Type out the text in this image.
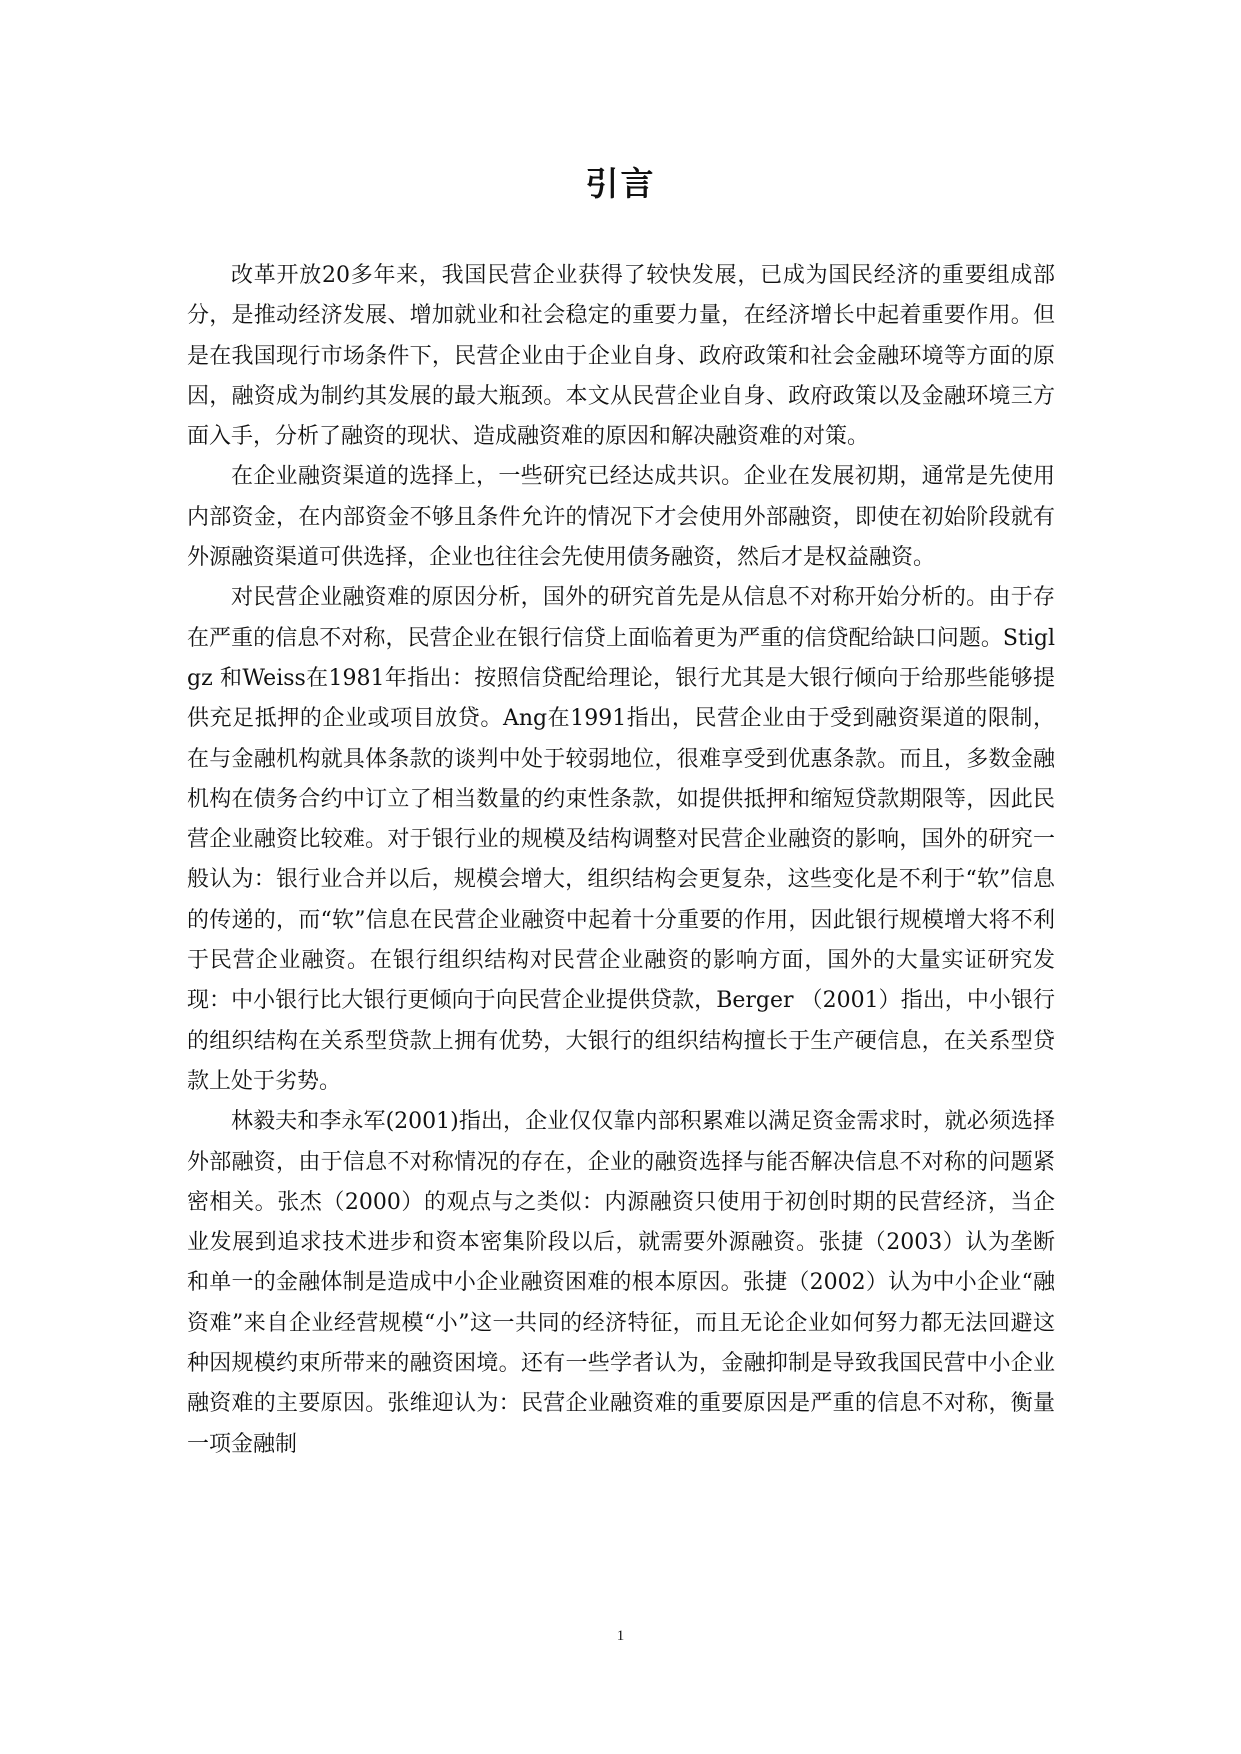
引言

改革开放20多年来，我国民营企业获得了较快发展，已成为国民经济的重要组成部分，是推动经济发展、增加就业和社会稳定的重要力量，在经济增长中起着重要作用。但是在我国现行市场条件下，民营企业由于企业自身、政府政策和社会金融环境等方面的原因，融资成为制约其发展的最大瓶颈。本文从民营企业自身、政府政策以及金融环境三方面入手，分析了融资的现状、造成融资难的原因和解决融资难的对策。

在企业融资渠道的选择上，一些研究已经达成共识。企业在发展初期，通常是先使用内部资金，在内部资金不够且条件允许的情况下才会使用外部融资，即使在初始阶段就有外源融资渠道可供选择，企业也往往会先使用债务融资，然后才是权益融资。

对民营企业融资难的原因分析，国外的研究首先是从信息不对称开始分析的。由于存在严重的信息不对称，民营企业在银行信贷上面临着更为严重的信贷配给缺口问题。Stiglgz 和Weiss在1981年指出：按照信贷配给理论，银行尤其是大银行倾向于给那些能够提供充足抵押的企业或项目放贷。Ang在1991指出，民营企业由于受到融资渠道的限制，在与金融机构就具体条款的谈判中处于较弱地位，很难享受到优惠条款。而且，多数金融机构在债务合约中订立了相当数量的约束性条款，如提供抵押和缩短贷款期限等，因此民营企业融资比较难。对于银行业的规模及结构调整对民营企业融资的影响，国外的研究一般认为：银行业合并以后，规模会增大，组织结构会更复杂，这些变化是不利于“软”信息的传递的，而“软”信息在民营企业融资中起着十分重要的作用，因此银行规模增大将不利于民营企业融资。在银行组织结构对民营企业融资的影响方面，国外的大量实证研究发现：中小银行比大银行更倾向于向民营企业提供贷款，Berger （2001）指出，中小银行的组织结构在关系型贷款上拥有优势，大银行的组织结构擅长于生产硬信息，在关系型贷款上处于劣势。

林毅夫和李永军(2001)指出，企业仅仅靠内部积累难以满足资金需求时，就必须选择外部融资，由于信息不对称情况的存在，企业的融资选择与能否解决信息不对称的问题紧密相关。张杰（2000）的观点与之类似：内源融资只使用于初创时期的民营经济，当企业发展到追求技术进步和资本密集阶段以后，就需要外源融资。张捷（2003）认为垄断和单一的金融体制是造成中小企业融资困难的根本原因。张捷（2002）认为中小企业“融资难”来自企业经营规模“小”这一共同的经济特征，而且无论企业如何努力都无法回避这种因规模约束所带来的融资困境。还有一些学者认为，金融抑制是导致我国民营中小企业融资难的主要原因。张维迎认为：民营企业融资难的重要原因是严重的信息不对称，衡量一项金融制

1
